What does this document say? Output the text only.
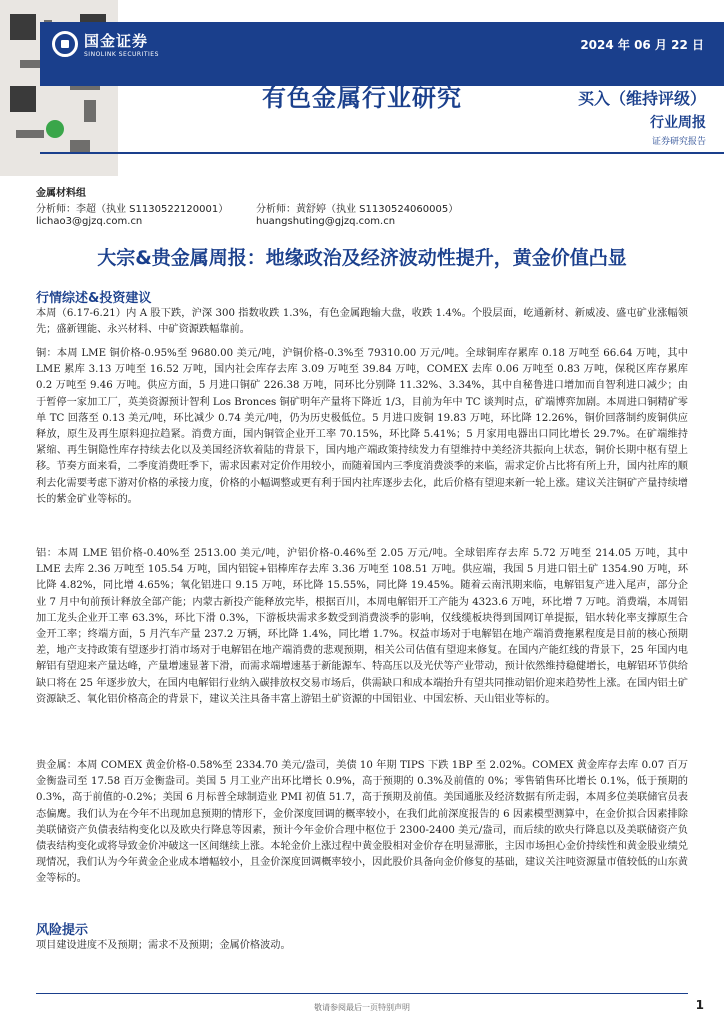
国金证券
SINOLINK SECURITIES
2024 年 06 月 22 日
有色金属行业研究	买入（维持评级）
行业周报
证券研究报告
金属材料组
分析师：李超（执业 S1130522120001）
lichao3@gjzq.com.cn
分析师：黄舒婷（执业 S1130524060005）
huangshuting@gjzq.com.cn
大宗&贵金属周报：地缘政治及经济波动性提升，黄金价值凸显
行情综述&投资建议
本周（6.17-6.21）内 A 股下跌，沪深 300 指数收跌 1.3%，有色金属跑输大盘，收跌 1.4%。个股层面，屹通新材、新威凌、盛屯矿业涨幅领先；盛新锂能、永兴材料、中矿资源跌幅靠前。
铜：本周 LME 铜价格-0.95%至 9680.00 美元/吨，沪铜价格-0.3%至 79310.00 万元/吨。全球铜库存累库 0.18 万吨至 66.64 万吨，其中 LME 累库 3.13 万吨至 16.52 万吨，国内社会库存去库 3.09 万吨至 39.84 万吨，COMEX 去库 0.06 万吨至 0.83 万吨，保税区库存累库 0.2 万吨至 9.46 万吨。供应方面，5 月进口铜矿 226.38 万吨，同环比分别降 11.32%、3.34%，其中自秘鲁进口增加而自智利进口减少；由于暂停一家加工厂，英美资源预计智利 Los Bronces 铜矿明年产量将下降近 1/3，目前为年中 TC 谈判时点，矿端博弈加剧。本周进口铜精矿零单 TC 回落至 0.13 美元/吨，环比减少 0.74 美元/吨，仍为历史极低位。5 月进口废铜 19.83 万吨，环比降 12.26%，铜价回落制约废铜供应释放，原生及再生原料迎拉趋紧。消费方面，国内铜管企业开工率 70.15%，环比降 5.41%；5 月家用电器出口同比增长 29.7%。在矿端维持紧缩、再生铜隐性库存持续去化以及美国经济软着陆的背景下，国内地产端政策持续发力有望维持中美经济共振向上状态，铜价长期中枢有望上移。节奏方面来看，二季度消费旺季下，需求因素对定价作用较小，而随着国内三季度消费淡季的来临，需求定价占比将有所上升，国内社库的顺利去化需要考虑下游对价格的承接力度，价格的小幅调整或更有利于国内社库逐步去化，此后价格有望迎来新一轮上涨。建议关注铜矿产量持续增长的紫金矿业等标的。
铝：本周 LME 铝价格-0.40%至 2513.00 美元/吨，沪铝价格-0.46%至 2.05 万元/吨。全球铝库存去库 5.72 万吨至 214.05 万吨，其中 LME 去库 2.36 万吨至 105.54 万吨，国内铝锭+铝棒库存去库 3.36 万吨至 108.51 万吨。供应端，我国 5 月进口铝土矿 1354.90 万吨，环比降 4.82%，同比增 4.65%；氧化铝进口 9.15 万吨，环比降 15.55%，同比降 19.45%。随着云南汛期来临，电解铝复产进入尾声，部分企业 7 月中旬前预计释放全部产能；内蒙古新投产能释放完毕，根据百川，本周电解铝开工产能为 4323.6 万吨，环比增 7 万吨。消费端，本周铝加工龙头企业开工率 63.3%，环比下滑 0.3%，下游板块需求多数受到消费淡季的影响，仅线缆板块得到国网订单提振，铝水转化率支撑原生合金开工率；终端方面，5 月汽车产量 237.2 万辆，环比降 1.4%，同比增 1.7%。权益市场对于电解铝在地产端消费拖累程度是目前的核心预期差，地产支持政策有望逐步打消市场对于电解铝在地产端消费的悲观预期，相关公司估值有望迎来修复。在国内产能红线的背景下，25 年国内电解铝有望迎来产量达峰，产量增速显著下滑，而需求端增速基于新能源车、特高压以及光伏等产业带动，预计依然维持稳健增长，电解铝环节供给缺口将在 25 年逐步放大，在国内电解铝行业纳入碳排放权交易市场后，供需缺口和成本端抬升有望共同推动铝价迎来趋势性上涨。在国内铝土矿资源缺乏、氧化铝价格高企的背景下，建议关注具备丰富上游铝土矿资源的中国铝业、中国宏桥、天山铝业等标的。
贵金属：本周 COMEX 黄金价格-0.58%至 2334.70 美元/盎司，美债 10 年期 TIPS 下跌 1BP 至 2.02%。COMEX 黄金库存去库 0.07 百万金衡盎司至 17.58 百万金衡盎司。美国 5 月工业产出环比增长 0.9%，高于预期的 0.3%及前值的 0%；零售销售环比增长 0.1%，低于预期的 0.3%，高于前值的-0.2%；美国 6 月标普全球制造业 PMI 初值 51.7，高于预期及前值。美国通胀及经济数据有所走弱，本周多位美联储官员表态偏鹰。我们认为在今年不出现加息预期的情形下，金价深度回调的概率较小，在我们此前深度报告的 6 因素模型测算中，在金价拟合因素排除美联储资产负债表结构变化以及欧央行降息等因素，预计今年金价合理中枢位于 2300-2400 美元/盎司，而后续的欧央行降息以及美联储资产负债表结构变化或将导致金价冲破这一区间继续上涨。本轮金价上涨过程中黄金股相对金价存在明显滞胀，主因市场担心金价持续性和黄金股业绩兑现情况，我们认为今年黄金企业成本增幅较小，且金价深度回调概率较小，因此股价具备向金价修复的基础，建议关注吨资源量市值较低的山东黄金等标的。
风险提示
项目建设进度不及预期；需求不及预期；金属价格波动。
敬请参阅最后一页特别声明	1
